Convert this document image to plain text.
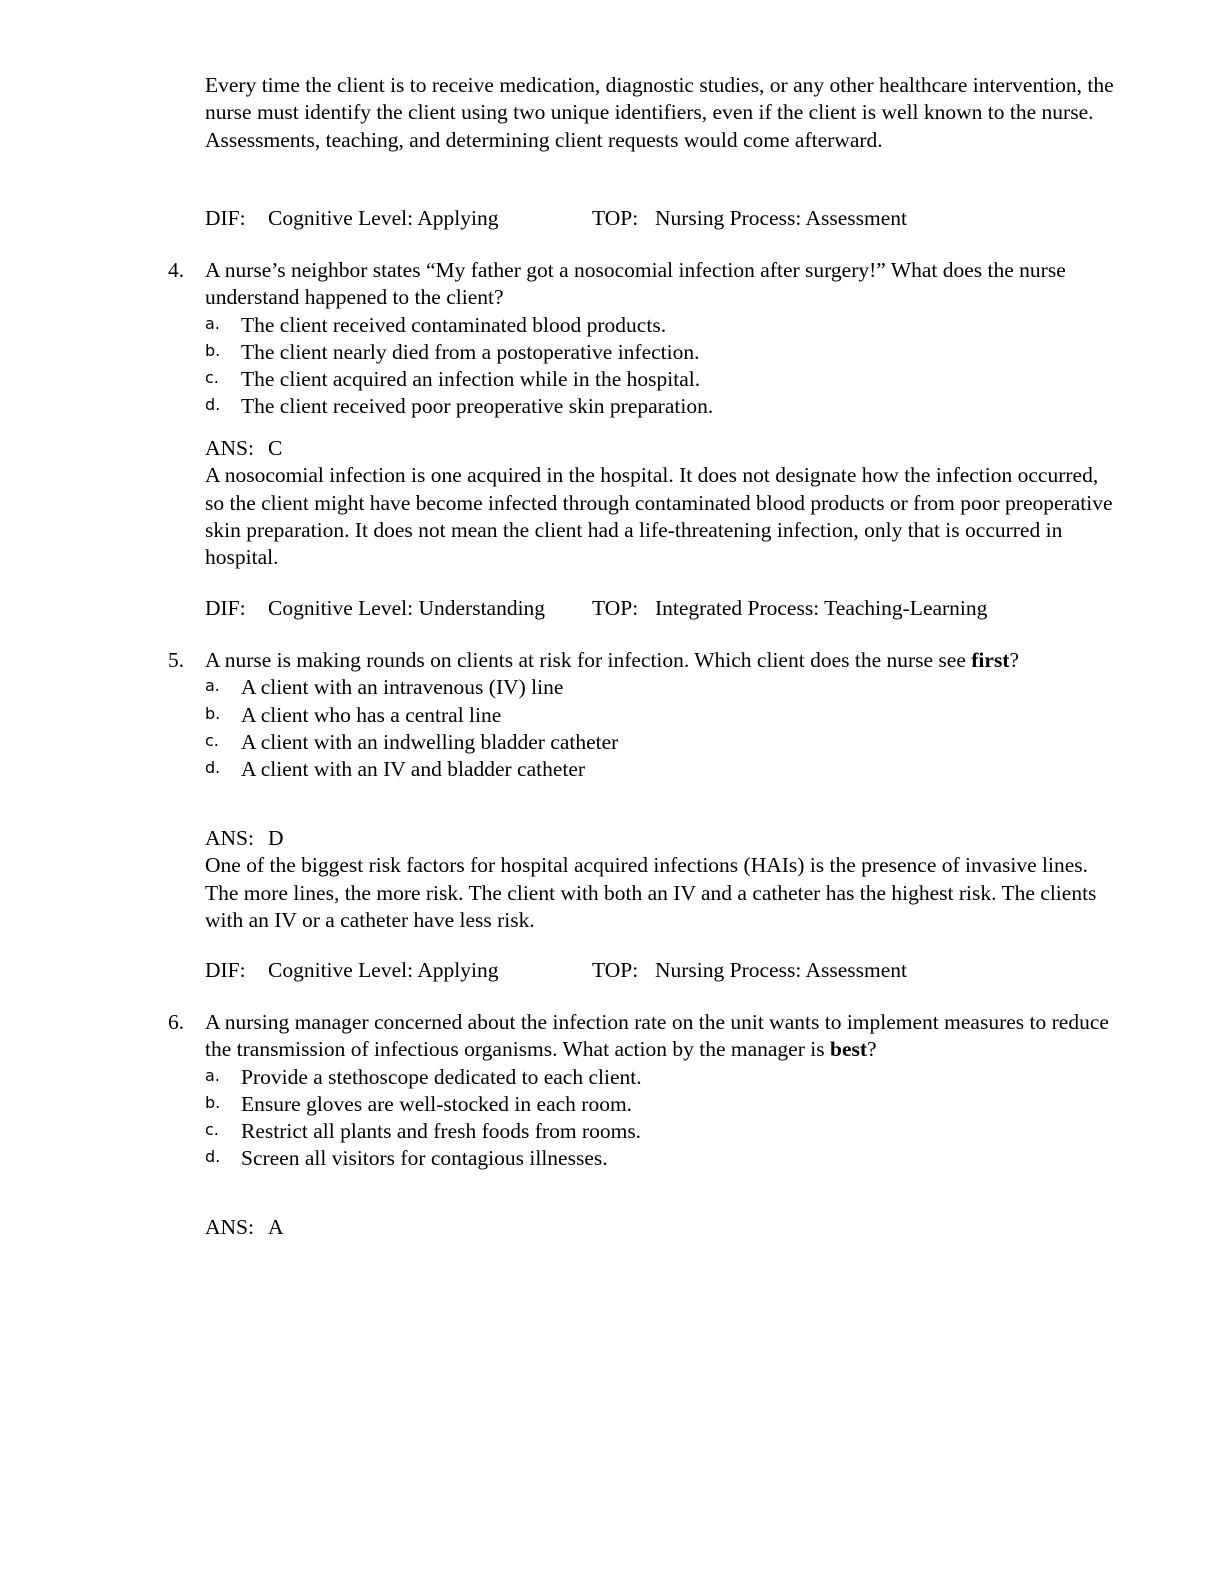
Every time the client is to receive medication, diagnostic studies, or any other healthcare intervention, the nurse must identify the client using two unique identifiers, even if the client is well known to the nurse. Assessments, teaching, and determining client requests would come afterward.

DIF: Cognitive Level: Applying	TOP: Nursing Process: Assessment
4. A nurse’s neighbor states “My father got a nosocomial infection after surgery!” What does the nurse understand happened to the client?

a. The client received contaminated blood products.
b. The client nearly died from a postoperative infection.
c. The client acquired an infection while in the hospital.
d. The client received poor preoperative skin preparation.
ANS: C

A nosocomial infection is one acquired in the hospital. It does not designate how the infection occurred, so the client might have become infected through contaminated blood products or from poor preoperative skin preparation. It does not mean the client had a life-threatening infection, only that is occurred in hospital.

DIF: Cognitive Level: Understanding TOP: Integrated Process: Teaching-Learning
5. A nurse is making rounds on clients at risk for infection. Which client does the nurse see first?

a. A client with an intravenous (IV) line
b. A client who has a central line
c. A client with an indwelling bladder catheter
d. A client with an IV and bladder catheter
ANS: D

One of the biggest risk factors for hospital acquired infections (HAIs) is the presence of invasive lines. The more lines, the more risk. The client with both an IV and a catheter has the highest risk. The clients with an IV or a catheter have less risk.

DIF: Cognitive Level: Applying	TOP: Nursing Process: Assessment
6. A nursing manager concerned about the infection rate on the unit wants to implement measures to reduce the transmission of infectious organisms. What action by the manager is best?

a. Provide a stethoscope dedicated to each client.
b. Ensure gloves are well-stocked in each room.
c. Restrict all plants and fresh foods from rooms.
d. Screen all visitors for contagious illnesses.
ANS: A
